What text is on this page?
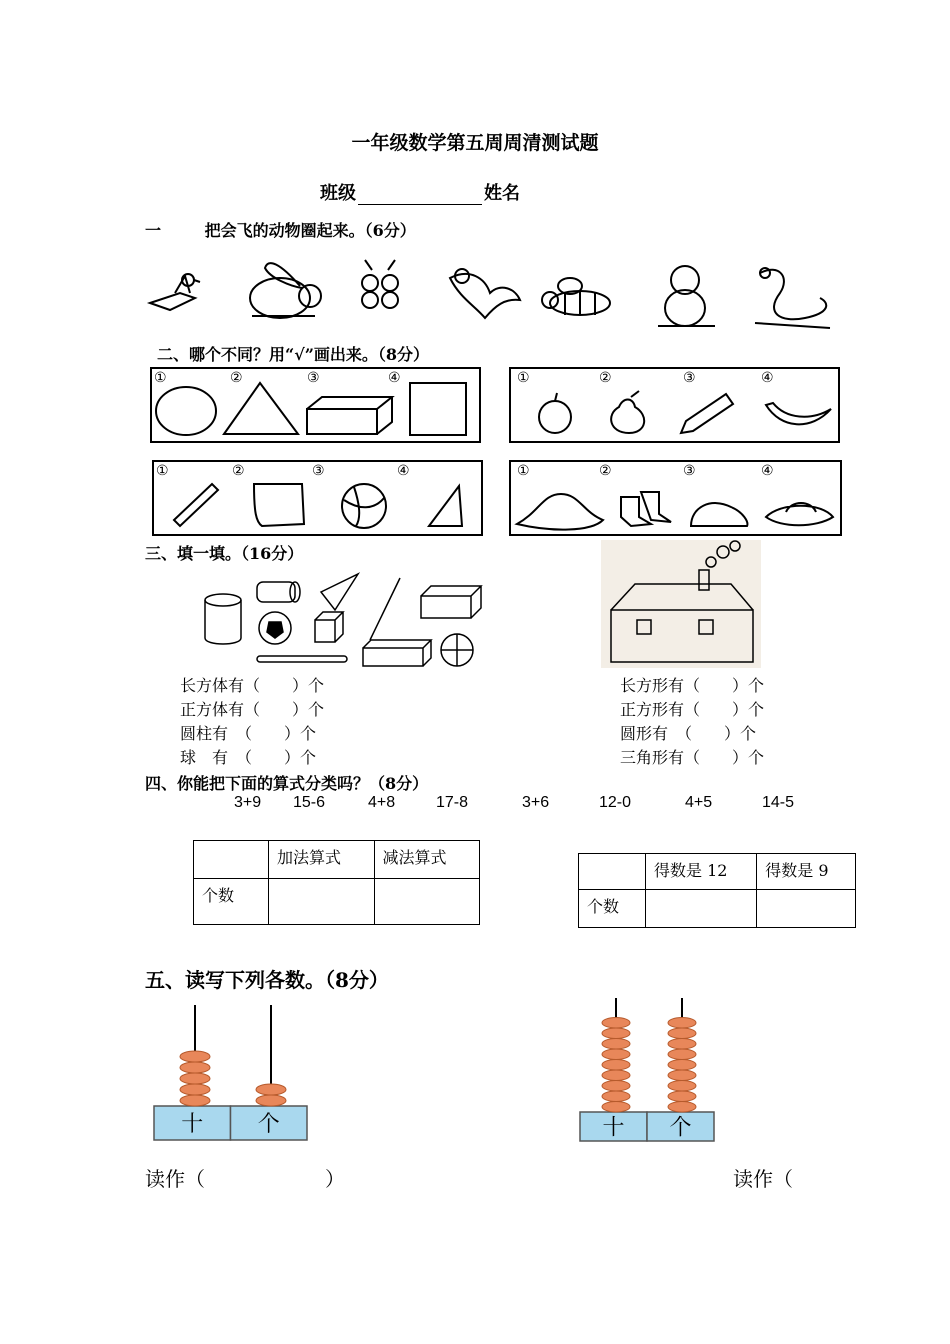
一年级数学第五周周清测试题
班级	姓名
一	把会飞的动物圈起来。（6分）
二、哪个不同？用“√”画出来。（8分）
①	②	③	④	①	②	③	④
①	②	③	④	①	②	③	④
三、填一填。（16分）
长方体有（　　）个
正方体有（　　）个
圆柱有　（　　）个
球　有　（　　）个
长方形有（　　）个
正方形有（　　）个
圆形有　（　　）个
三角形有（　　）个
四、你能把下面的算式分类吗？（8分）
3+9 15-6	4+8	17-8	3+6	12-0	4+5	14-5
	加法算式	减法算式
个数		
	得数是 12	得数是 9
个数		
五、读写下列各数。（8分）
十 个	十 个
读作（　　　　　　）	读作（
